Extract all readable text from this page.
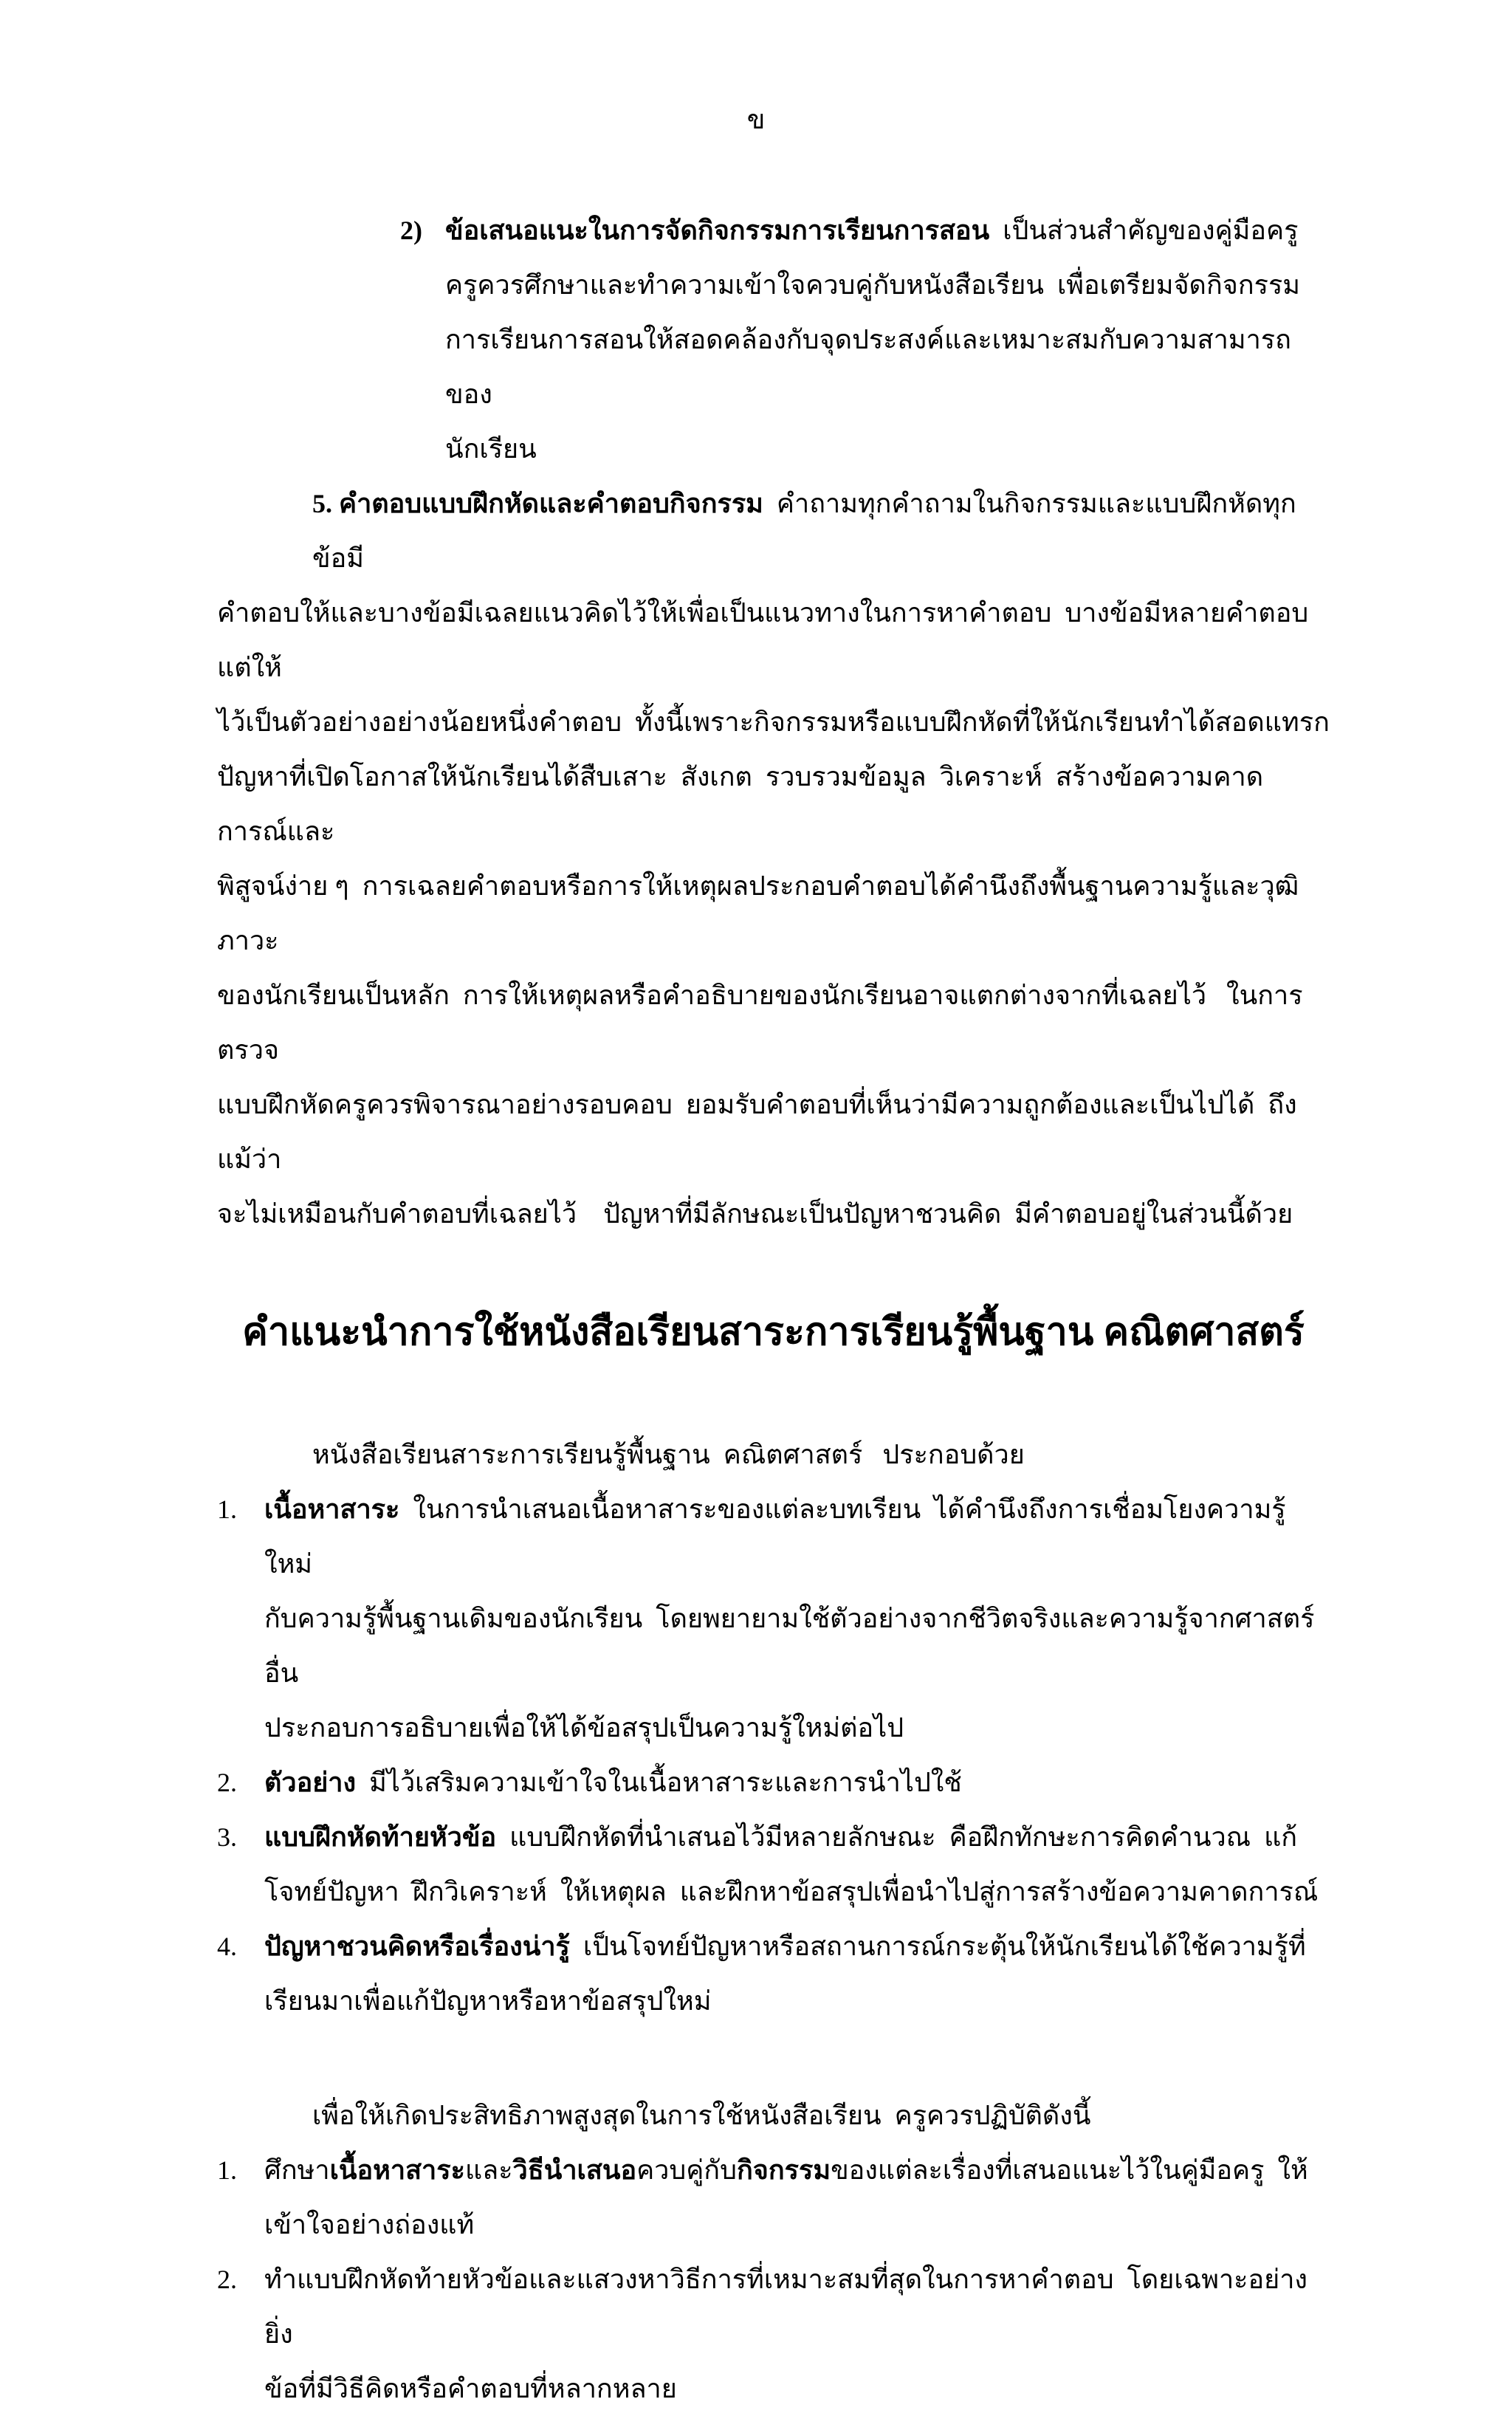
ข
2) ข้อเสนอแนะในการจัดกิจกรรมการเรียนการสอน เป็นส่วนสำคัญของคู่มือครู
ครูควรศึกษาและทำความเข้าใจควบคู่กับหนังสือเรียน  เพื่อเตรียมจัดกิจกรรม
การเรียนการสอนให้สอดคล้องกับจุดประสงค์และเหมาะสมกับความสามารถของ
นักเรียน
5. คำตอบแบบฝึกหัดและคำตอบกิจกรรม คำถามทุกคำถามในกิจกรรมและแบบฝึกหัดทุกข้อมี
คำตอบให้และบางข้อมีเฉลยแนวคิดไว้ให้เพื่อเป็นแนวทางในการหาคำตอบ  บางข้อมีหลายคำตอบแต่ให้
ไว้เป็นตัวอย่างอย่างน้อยหนึ่งคำตอบ  ทั้งนี้เพราะกิจกรรมหรือแบบฝึกหัดที่ให้นักเรียนทำได้สอดแทรก
ปัญหาที่เปิดโอกาสให้นักเรียนได้สืบเสาะ  สังเกต  รวบรวมข้อมูล  วิเคราะห์  สร้างข้อความคาดการณ์และ
พิสูจน์ง่าย ๆ  การเฉลยคำตอบหรือการให้เหตุผลประกอบคำตอบได้คำนึงถึงพื้นฐานความรู้และวุฒิภาวะ
ของนักเรียนเป็นหลัก  การให้เหตุผลหรือคำอธิบายของนักเรียนอาจแตกต่างจากที่เฉลยไว้   ในการตรวจ
แบบฝึกหัดครูควรพิจารณาอย่างรอบคอบ  ยอมรับคำตอบที่เห็นว่ามีความถูกต้องและเป็นไปได้  ถึงแม้ว่า
จะไม่เหมือนกับคำตอบที่เฉลยไว้    ปัญหาที่มีลักษณะเป็นปัญหาชวนคิด  มีคำตอบอยู่ในส่วนนี้ด้วย
คำแนะนำการใช้หนังสือเรียนสาระการเรียนรู้พื้นฐาน คณิตศาสตร์
หนังสือเรียนสาระการเรียนรู้พื้นฐาน  คณิตศาสตร์   ประกอบด้วย
1. เนื้อหาสาระ ในการนำเสนอเนื้อหาสาระของแต่ละบทเรียน  ได้คำนึงถึงการเชื่อมโยงความรู้ใหม่
กับความรู้พื้นฐานเดิมของนักเรียน  โดยพยายามใช้ตัวอย่างจากชีวิตจริงและความรู้จากศาสตร์อื่น
ประกอบการอธิบายเพื่อให้ได้ข้อสรุปเป็นความรู้ใหม่ต่อไป
2. ตัวอย่าง มีไว้เสริมความเข้าใจในเนื้อหาสาระและการนำไปใช้
3. แบบฝึกหัดท้ายหัวข้อ แบบฝึกหัดที่นำเสนอไว้มีหลายลักษณะ  คือฝึกทักษะการคิดคำนวณ  แก้
โจทย์ปัญหา  ฝึกวิเคราะห์  ให้เหตุผล  และฝึกหาข้อสรุปเพื่อนำไปสู่การสร้างข้อความคาดการณ์
4. ปัญหาชวนคิดหรือเรื่องน่ารู้ เป็นโจทย์ปัญหาหรือสถานการณ์กระตุ้นให้นักเรียนได้ใช้ความรู้ที่
เรียนมาเพื่อแก้ปัญหาหรือหาข้อสรุปใหม่
เพื่อให้เกิดประสิทธิภาพสูงสุดในการใช้หนังสือเรียน  ครูควรปฏิบัติดังนี้
1. ศึกษาเนื้อหาสาระและวิธีนำเสนอควบคู่กับกิจกรรมของแต่ละเรื่องที่เสนอแนะไว้ในคู่มือครู  ให้
เข้าใจอย่างถ่องแท้
2. ทำแบบฝึกหัดท้ายหัวข้อและแสวงหาวิธีการที่เหมาะสมที่สุดในการหาคำตอบ  โดยเฉพาะอย่างยิ่ง
ข้อที่มีวิธีคิดหรือคำตอบที่หลากหลาย
